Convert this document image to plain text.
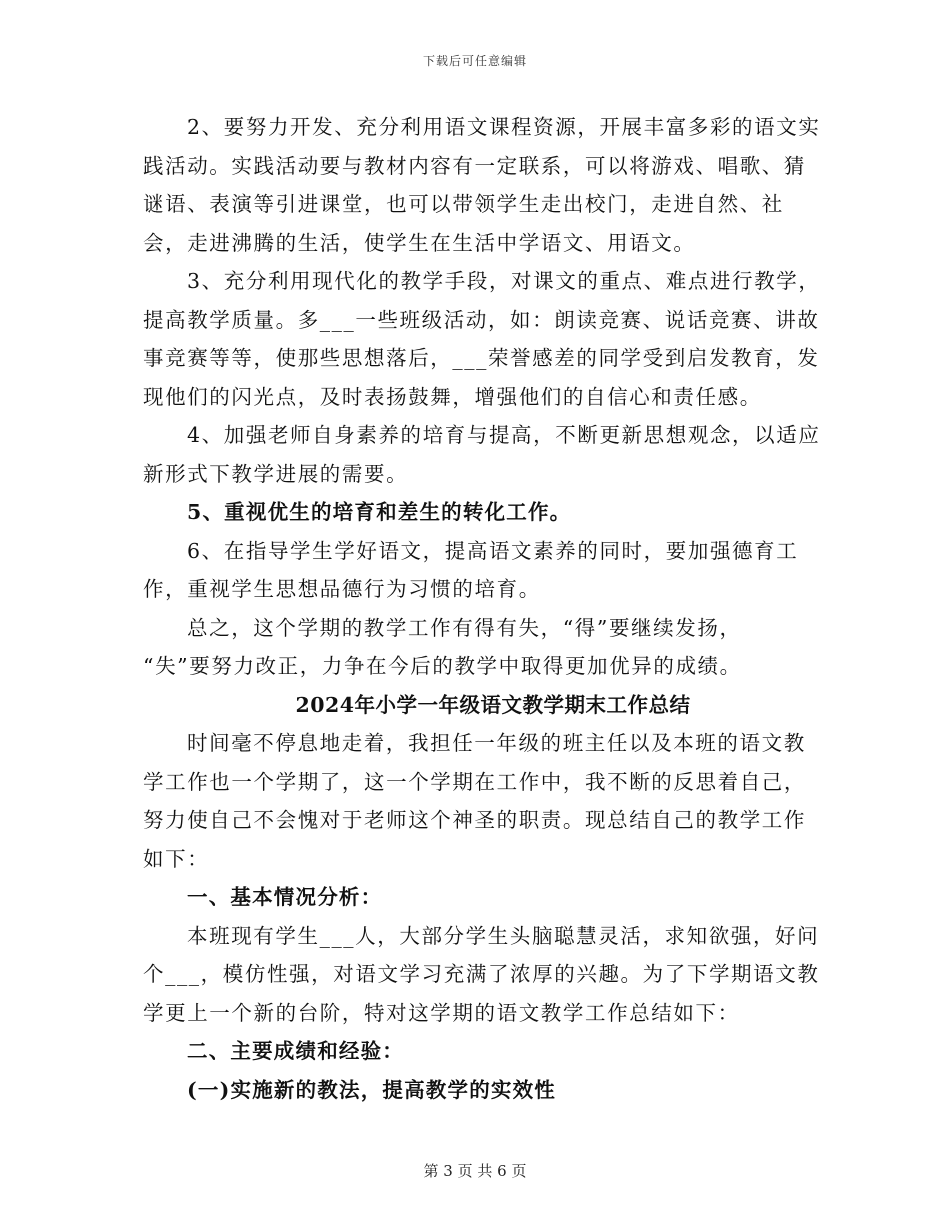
下载后可任意编辑

2、要努力开发、充分利用语文课程资源，开展丰富多彩的语文实践活动。实践活动要与教材内容有一定联系，可以将游戏、唱歌、猜谜语、表演等引进课堂，也可以带领学生走出校门，走进自然、社会，走进沸腾的生活，使学生在生活中学语文、用语文。

3、充分利用现代化的教学手段，对课文的重点、难点进行教学，提高教学质量。多___一些班级活动，如：朗读竞赛、说话竞赛、讲故事竞赛等等，使那些思想落后，___荣誉感差的同学受到启发教育，发现他们的闪光点，及时表扬鼓舞，增强他们的自信心和责任感。

4、加强老师自身素养的培育与提高，不断更新思想观念，以适应新形式下教学进展的需要。

5、重视优生的培育和差生的转化工作。

6、在指导学生学好语文，提高语文素养的同时，要加强德育工作，重视学生思想品德行为习惯的培育。

总之，这个学期的教学工作有得有失，“得”要继续发扬，

“失”要努力改正，力争在今后的教学中取得更加优异的成绩。

2024年小学一年级语文教学期末工作总结

时间毫不停息地走着，我担任一年级的班主任以及本班的语文教

学工作也一个学期了，这一个学期在工作中，我不断的反思着自己，

努力使自己不会愧对于老师这个神圣的职责。现总结自己的教学工作如下：

一、基本情况分析：

本班现有学生___人，大部分学生头脑聪慧灵活，求知欲强，好问个___，模仿性强，对语文学习充满了浓厚的兴趣。为了下学期语文教学更上一个新的台阶，特对这学期的语文教学工作总结如下：

二、主要成绩和经验：

(一)实施新的教法，提高教学的实效性

第 3 页 共 6 页
